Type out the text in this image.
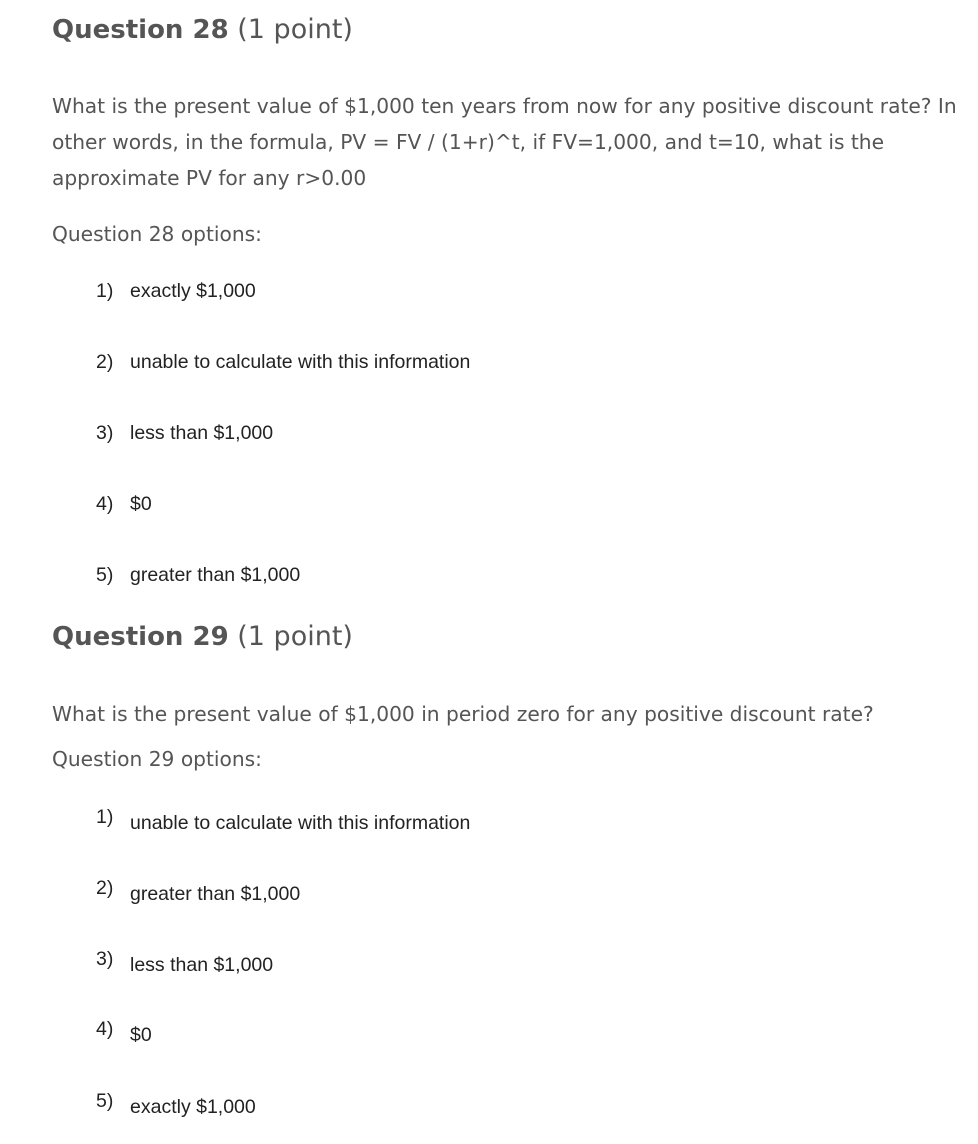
Question 28 (1 point)

What is the present value of $1,000 ten years from now for any positive discount rate? In other words, in the formula, PV = FV / (1+r)^t, if FV=1,000, and t=10, what is the approximate PV for any r>0.00

Question 28 options:

1) exactly $1,000
2) unable to calculate with this information
3) less than $1,000
4) $0
5) greater than $1,000
Question 29 (1 point)

What is the present value of $1,000 in period zero for any positive discount rate?

Question 29 options:

1) unable to calculate with this information
2) greater than $1,000
3) less than $1,000
4) $0
5) exactly $1,000
